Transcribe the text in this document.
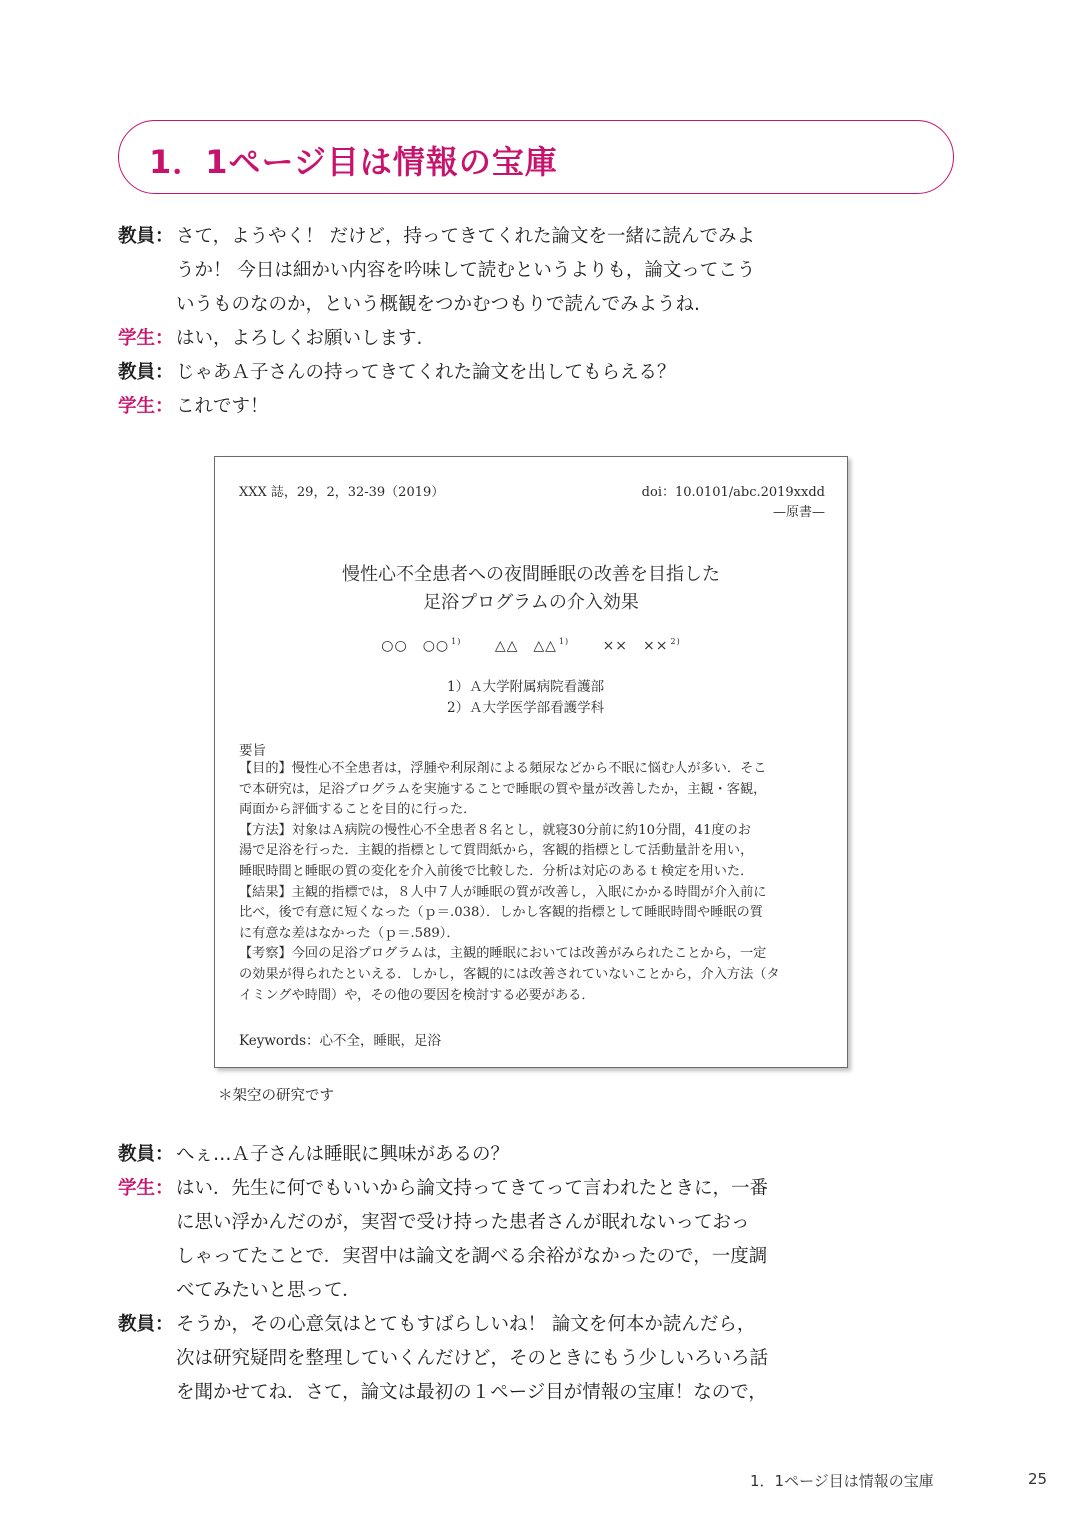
1．1ページ目は情報の宝庫
教員： さて，ようやく！ だけど，持ってきてくれた論文を一緒に読んでみよ
うか！ 今日は細かい内容を吟味して読むというよりも，論文ってこう
いうものなのか，という概観をつかむつもりで読んでみようね.
学生： はい，よろしくお願いします.
教員： じゃあＡ子さんの持ってきてくれた論文を出してもらえる？
学生： これです！
XXX 誌，29，2，32-39（2019）	doi：10.0101/abc.2019xxdd
—原書—
慢性心不全患者への夜間睡眠の改善を目指した
足浴プログラムの介入効果
○○　○○ $^{1)}$ △△　△△ $^{1)}$ ××　×× $^{2)}$
1）Ａ大学附属病院看護部
2）Ａ大学医学部看護学科
要旨
【目的】慢性心不全患者は，浮腫や利尿剤による頻尿などから不眠に悩む人が多い．そこ
で本研究は，足浴プログラムを実施することで睡眠の質や量が改善したか，主観・客観，
両面から評価することを目的に行った．
【方法】対象はＡ病院の慢性心不全患者８名とし，就寝30分前に約10分間，41度のお
湯で足浴を行った．主観的指標として質問紙から，客観的指標として活動量計を用い，
睡眠時間と睡眠の質の変化を介入前後で比較した．分析は対応のあるｔ検定を用いた．
【結果】主観的指標では，８人中７人が睡眠の質が改善し，入眠にかかる時間が介入前に
比べ，後で有意に短くなった（ｐ＝.038）．しかし客観的指標として睡眠時間や睡眠の質
に有意な差はなかった（ｐ＝.589）．
【考察】今回の足浴プログラムは，主観的睡眠においては改善がみられたことから，一定
の効果が得られたといえる．しかし，客観的には改善されていないことから，介入方法（タ
イミングや時間）や，その他の要因を検討する必要がある．
Keywords：心不全，睡眠，足浴
＊架空の研究です
教員： へぇ…Ａ子さんは睡眠に興味があるの？
学生： はい．先生に何でもいいから論文持ってきてって言われたときに，一番
に思い浮かんだのが，実習で受け持った患者さんが眠れないっておっ
しゃってたことで．実習中は論文を調べる余裕がなかったので，一度調
べてみたいと思って．
教員： そうか，その心意気はとてもすばらしいね！ 論文を何本か読んだら，
次は研究疑問を整理していくんだけど，そのときにもう少しいろいろ話
を聞かせてね．さて，論文は最初の１ページ目が情報の宝庫！なので，
1．1ページ目は情報の宝庫	25
